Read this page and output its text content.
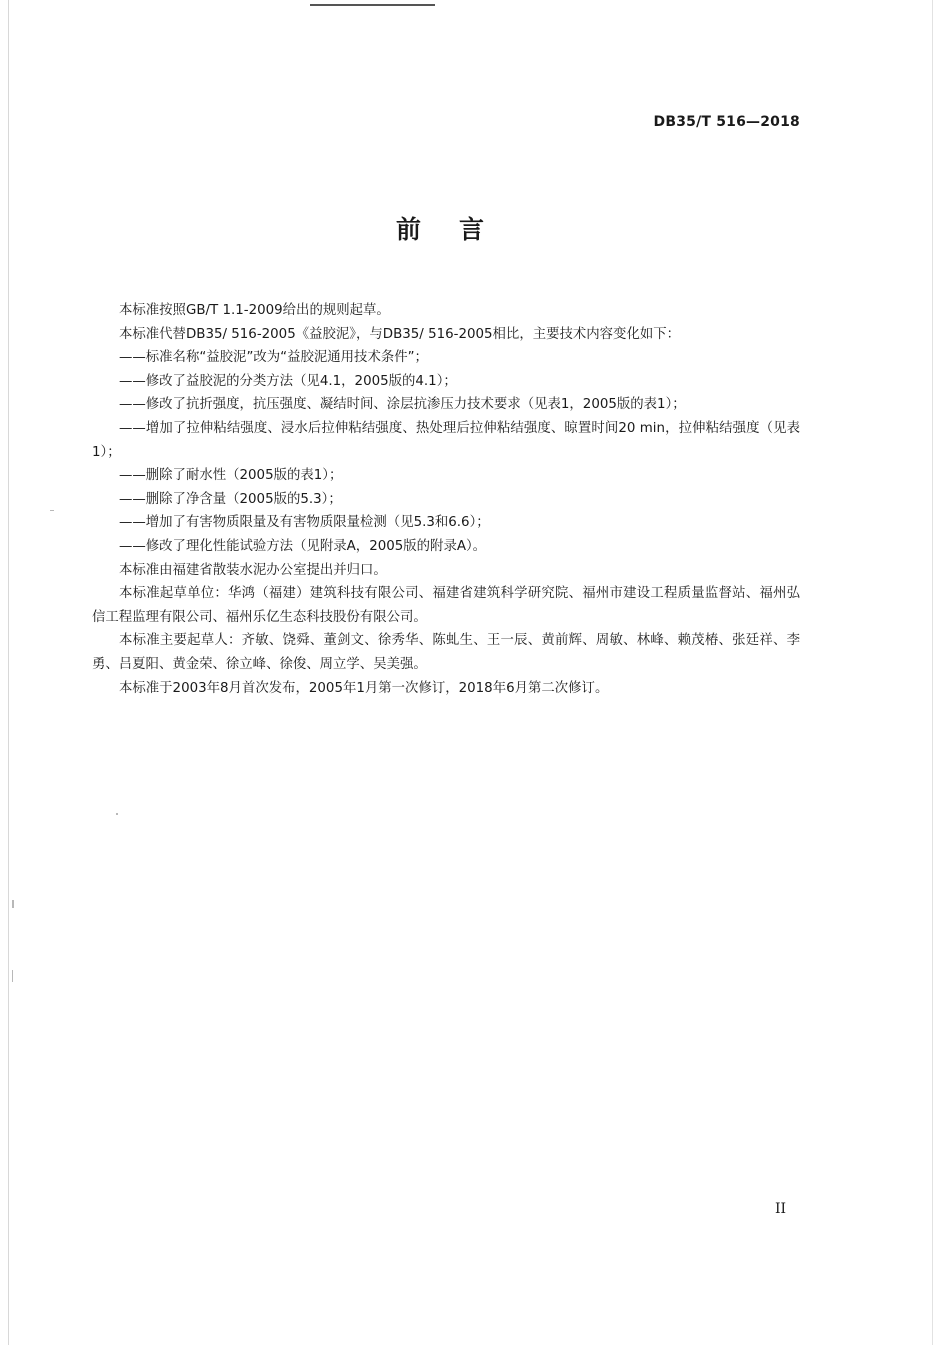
DB35/T 516—2018
前言

本标准按照GB/T 1.1-2009给出的规则起草。

本标准代替DB35/ 516-2005《益胶泥》，与DB35/ 516-2005相比，主要技术内容变化如下：

——标准名称“益胶泥”改为“益胶泥通用技术条件”；

——修改了益胶泥的分类方法（见4.1，2005版的4.1）；

——修改了抗折强度，抗压强度、凝结时间、涂层抗渗压力技术要求（见表1，2005版的表1）；

——增加了拉伸粘结强度、浸水后拉伸粘结强度、热处理后拉伸粘结强度、晾置时间20 min，拉伸粘结强度（见表1）；

——删除了耐水性（2005版的表1）；

——删除了净含量（2005版的5.3）；

——增加了有害物质限量及有害物质限量检测（见5.3和6.6）；

——修改了理化性能试验方法（见附录A，2005版的附录A）。

本标准由福建省散装水泥办公室提出并归口。

本标准起草单位：华鸿（福建）建筑科技有限公司、福建省建筑科学研究院、福州市建设工程质量监督站、福州弘信工程监理有限公司、福州乐亿生态科技股份有限公司。

本标准主要起草人：齐敏、饶舜、董剑文、徐秀华、陈虬生、王一辰、黄前辉、周敏、林峰、赖茂椿、张廷祥、李勇、吕夏阳、黄金荣、徐立峰、徐俊、周立学、吴美强。

本标准于2003年8月首次发布，2005年1月第一次修订，2018年6月第二次修订。

II
